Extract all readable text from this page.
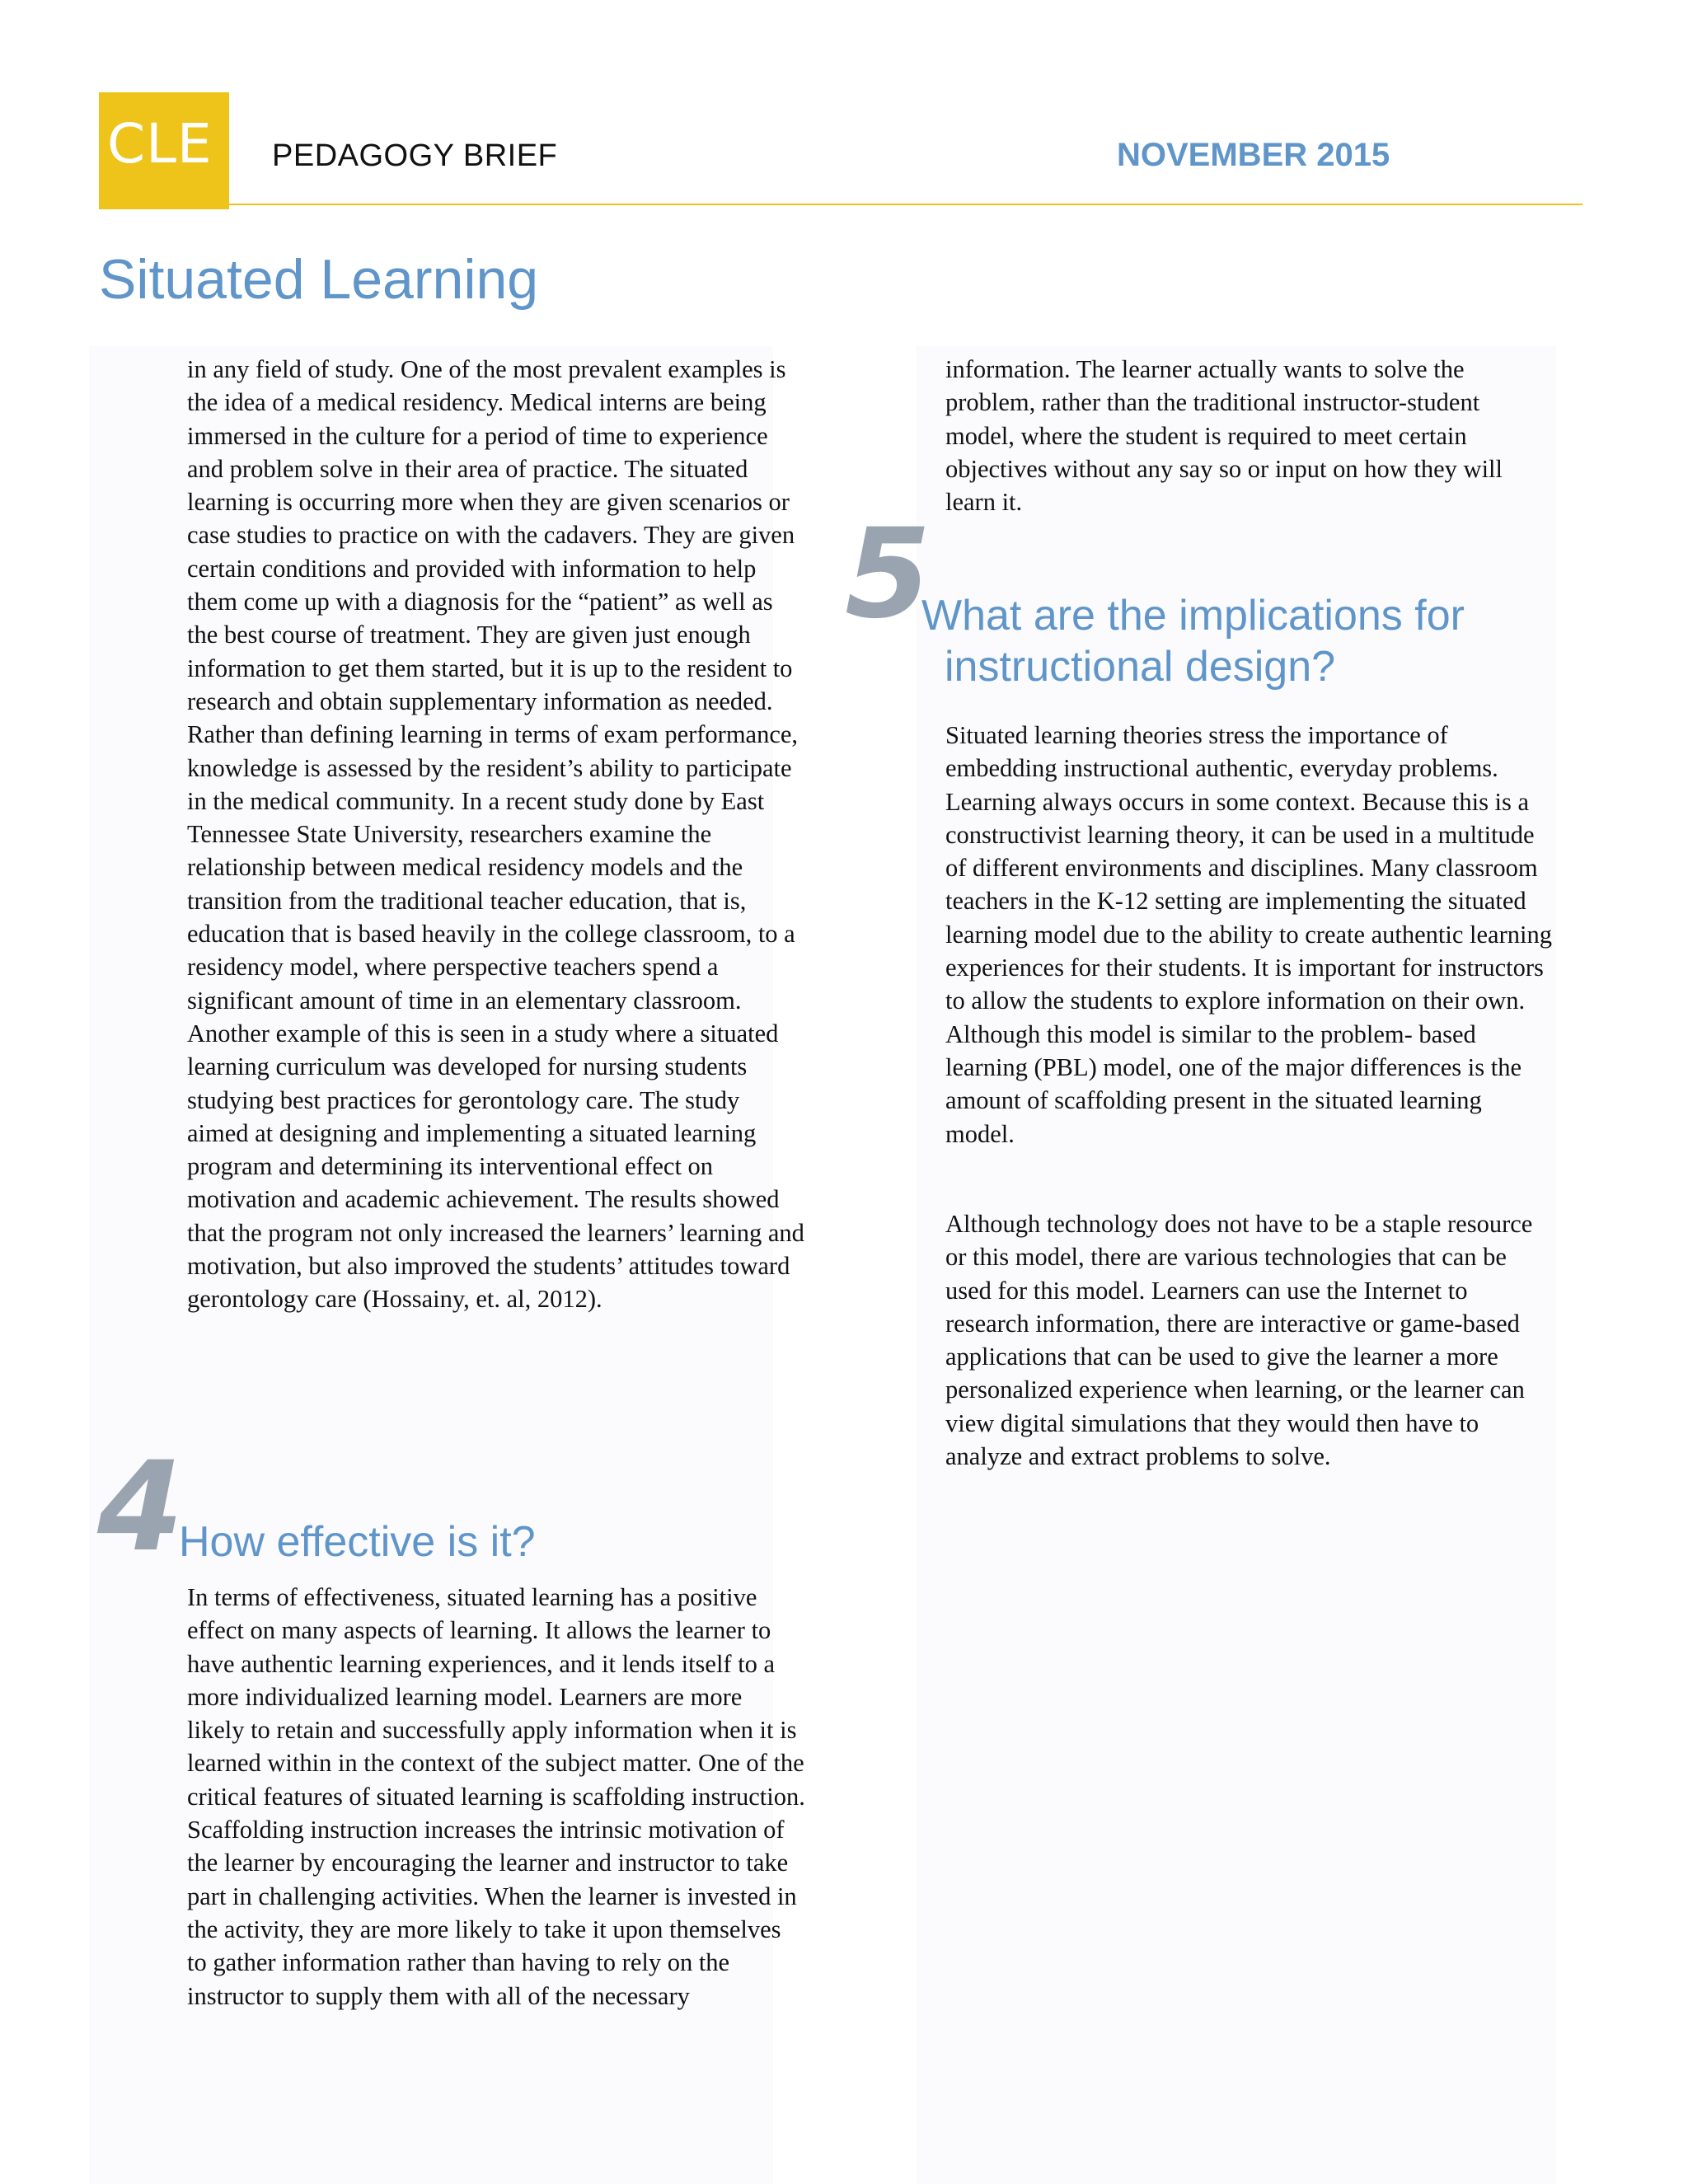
CLE PEDAGOGY BRIEF	NOVEMBER 2015
Situated Learning

in any field of study. One of the most prevalent examples is the idea of a medical residency. Medical interns are being immersed in the culture for a period of time to experience and problem solve in their area of practice. The situated learning is occurring more when they are given scenarios or case studies to practice on with the cadavers. They are given certain conditions and provided with information to help them come up with a diagnosis for the “patient” as well as the best course of treatment. They are given just enough information to get them started, but it is up to the resident to research and obtain supplementary information as needed. Rather than defining learning in terms of exam performance, knowledge is assessed by the resident’s ability to participate in the medical community. In a recent study done by East Tennessee State University, researchers examine the relationship between medical residency models and the transition from the traditional teacher education, that is, education that is based heavily in the college classroom, to a residency model, where perspective teachers spend a significant amount of time in an elementary classroom. Another example of this is seen in a study where a situated learning curriculum was developed for nursing students studying best practices for gerontology care. The study aimed at designing and implementing a situated learning program and determining its interventional effect on motivation and academic achievement. The results showed that the program not only increased the learners’ learning and motivation, but also improved the students’ attitudes toward gerontology care (Hossainy, et. al, 2012).

4
How effective is it?

In terms of effectiveness, situated learning has a positive effect on many aspects of learning. It allows the learner to have authentic learning experiences, and it lends itself to a more individualized learning model. Learners are more likely to retain and successfully apply information when it is learned within in the context of the subject matter. One of the critical features of situated learning is scaffolding instruction. Scaffolding instruction increases the intrinsic motivation of the learner by encouraging the learner and instructor to take part in challenging activities. When the learner is invested in the activity, they are more likely to take it upon themselves to gather information rather than having to rely on the instructor to supply them with all of the necessary

information. The learner actually wants to solve the problem, rather than the traditional instructor-student model, where the student is required to meet certain objectives without any say so or input on how they will learn it.

5
What are the implications for
instructional design?

Situated learning theories stress the importance of embedding instructional authentic, everyday problems. Learning always occurs in some context. Because this is a constructivist learning theory, it can be used in a multitude of different environments and disciplines. Many classroom teachers in the K-12 setting are implementing the situated learning model due to the ability to create authentic learning experiences for their students. It is important for instructors to allow the students to explore information on their own. Although this model is similar to the problem- based learning (PBL) model, one of the major differences is the amount of scaffolding present in the situated learning model.

Although technology does not have to be a staple resource or this model, there are various technologies that can be used for this model. Learners can use the Internet to research information, there are interactive or game-based applications that can be used to give the learner a more personalized experience when learning, or the learner can view digital simulations that they would then have to analyze and extract problems to solve.
